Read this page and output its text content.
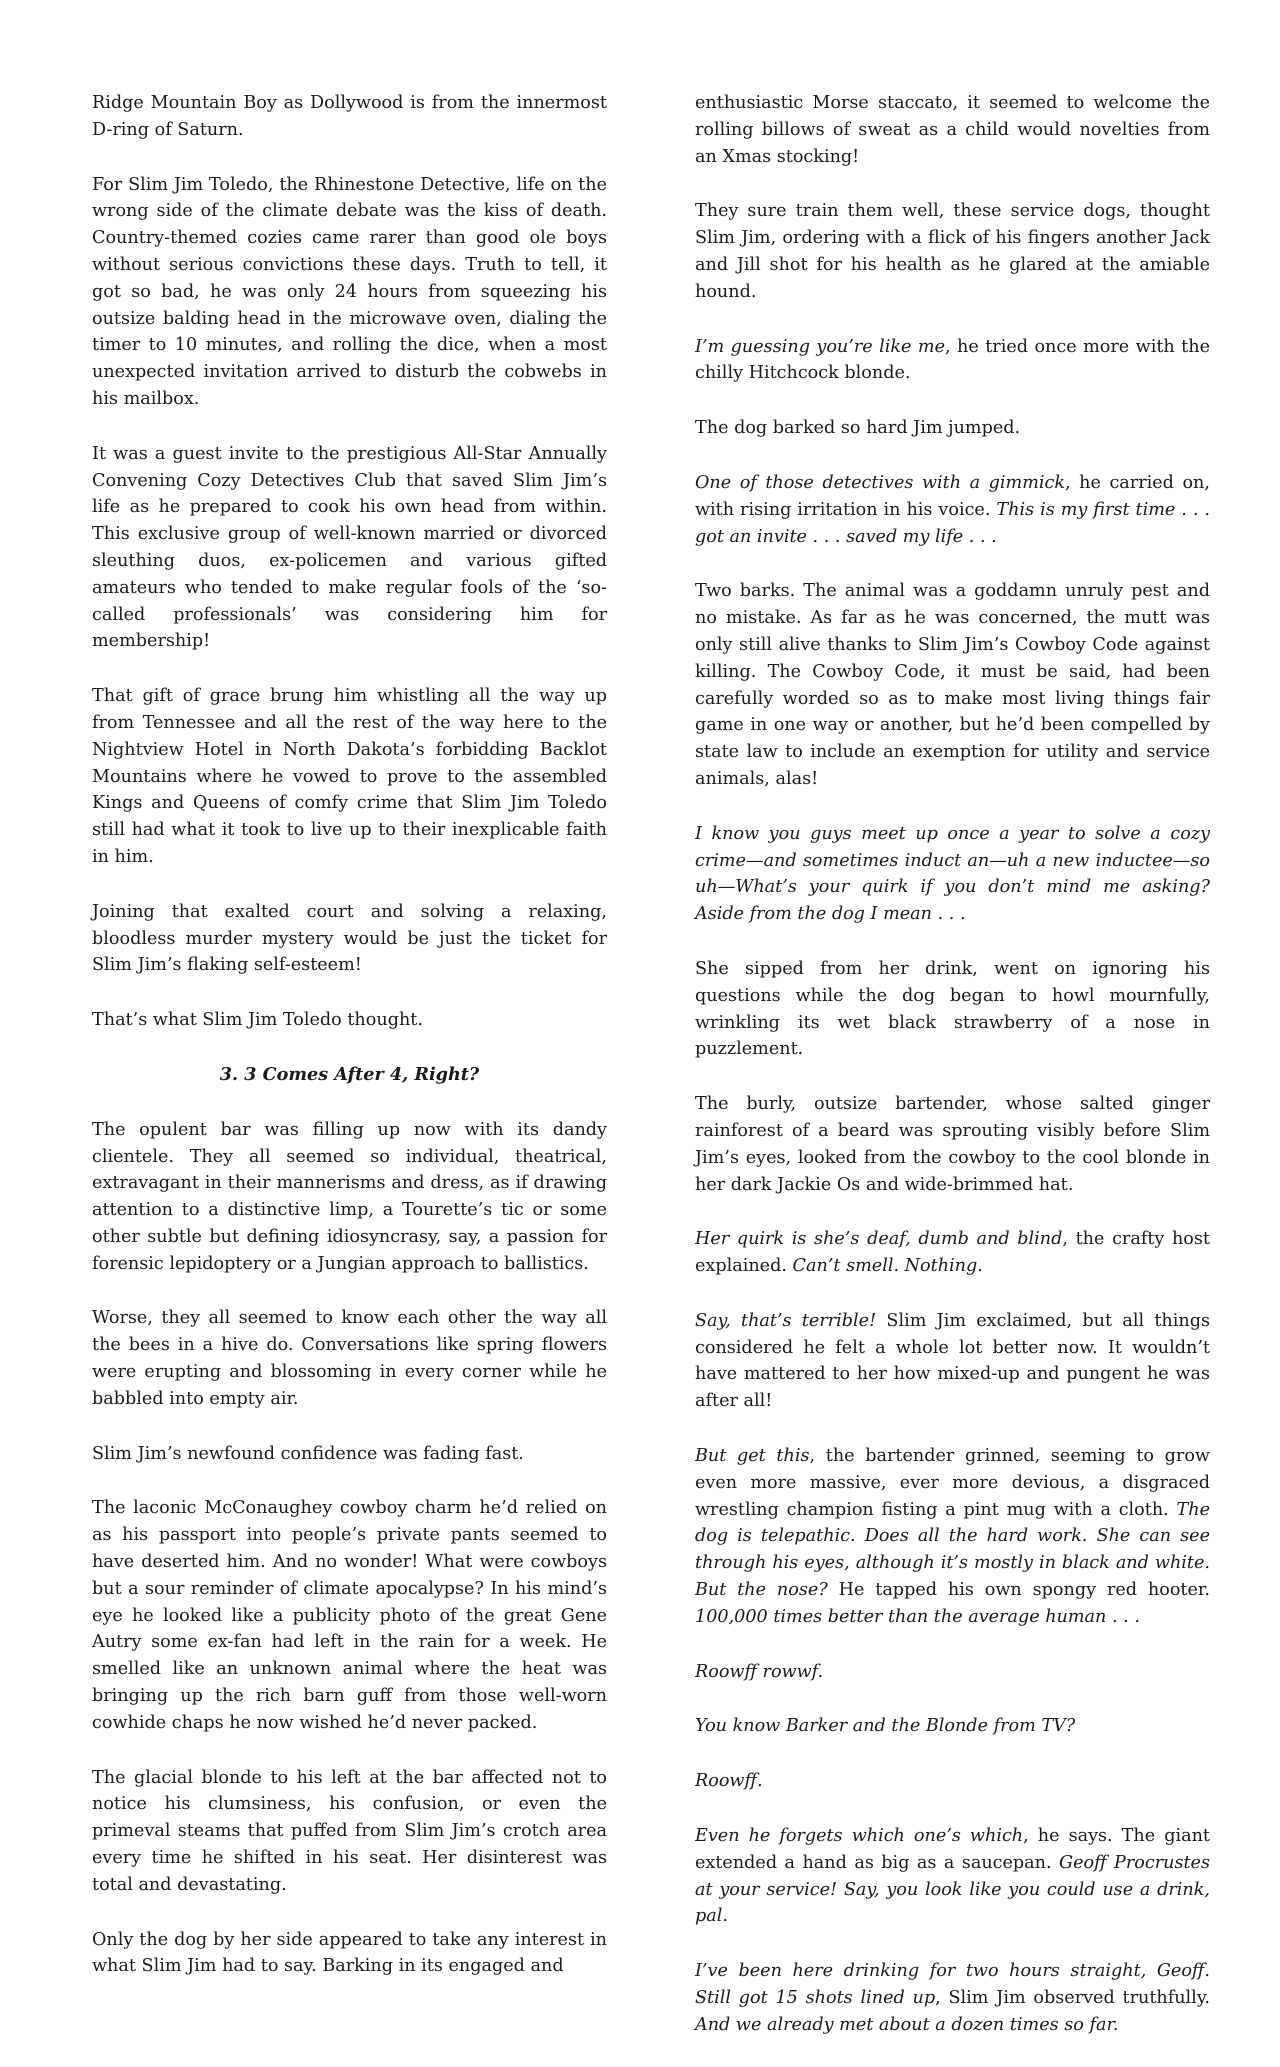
Ridge Mountain Boy as Dollywood is from the innermost D-ring of Saturn.

For Slim Jim Toledo, the Rhinestone Detective, life on the wrong side of the climate debate was the kiss of death. Country-themed cozies came rarer than good ole boys without serious convictions these days. Truth to tell, it got so bad, he was only 24 hours from squeezing his outsize balding head in the microwave oven, dialing the timer to 10 minutes, and rolling the dice, when a most unexpected invitation arrived to disturb the cobwebs in his mailbox.

It was a guest invite to the prestigious All-Star Annually Convening Cozy Detectives Club that saved Slim Jim’s life as he prepared to cook his own head from within. This exclusive group of well-known married or divorced sleuthing duos, ex-policemen and various gifted amateurs who tended to make regular fools of the ‘so-called professionals’ was considering him for membership!

That gift of grace brung him whistling all the way up from Tennessee and all the rest of the way here to the Nightview Hotel in North Dakota’s forbidding Backlot Mountains where he vowed to prove to the assembled Kings and Queens of comfy crime that Slim Jim Toledo still had what it took to live up to their inexplicable faith in him.

Joining that exalted court and solving a relaxing, bloodless murder mystery would be just the ticket for Slim Jim’s flaking self-esteem!

That’s what Slim Jim Toledo thought.

3. 3 Comes After 4, Right?

The opulent bar was filling up now with its dandy clientele. They all seemed so individual, theatrical, extravagant in their mannerisms and dress, as if drawing attention to a distinctive limp, a Tourette’s tic or some other subtle but defining idiosyncrasy, say, a passion for forensic lepidoptery or a Jungian approach to ballistics.

Worse, they all seemed to know each other the way all the bees in a hive do. Conversations like spring flowers were erupting and blossoming in every corner while he babbled into empty air.

Slim Jim’s newfound confidence was fading fast.

The laconic McConaughey cowboy charm he’d relied on as his passport into people’s private pants seemed to have deserted him. And no wonder! What were cowboys but a sour reminder of climate apocalypse? In his mind’s eye he looked like a publicity photo of the great Gene Autry some ex-fan had left in the rain for a week. He smelled like an unknown animal where the heat was bringing up the rich barn guff from those well-worn cowhide chaps he now wished he’d never packed.

The glacial blonde to his left at the bar affected not to notice his clumsiness, his confusion, or even the primeval steams that puffed from Slim Jim’s crotch area every time he shifted in his seat. Her disinterest was total and devastating.

Only the dog by her side appeared to take any interest in what Slim Jim had to say. Barking in its engaged and

enthusiastic Morse staccato, it seemed to welcome the rolling billows of sweat as a child would novelties from an Xmas stocking!

They sure train them well, these service dogs, thought Slim Jim, ordering with a flick of his fingers another Jack and Jill shot for his health as he glared at the amiable hound.

I’m guessing you’re like me, he tried once more with the chilly Hitchcock blonde.

The dog barked so hard Jim jumped.

One of those detectives with a gimmick, he carried on, with rising irritation in his voice. This is my first time . . . got an invite . . . saved my life . . .

Two barks. The animal was a goddamn unruly pest and no mistake. As far as he was concerned, the mutt was only still alive thanks to Slim Jim’s Cowboy Code against killing. The Cowboy Code, it must be said, had been carefully worded so as to make most living things fair game in one way or another, but he’d been compelled by state law to include an exemption for utility and service animals, alas!

I know you guys meet up once a year to solve a cozy crime—and sometimes induct an—uh a new inductee—so uh—What’s your quirk if you don’t mind me asking? Aside from the dog I mean . . .

She sipped from her drink, went on ignoring his questions while the dog began to howl mournfully, wrinkling its wet black strawberry of a nose in puzzlement.

The burly, outsize bartender, whose salted ginger rainforest of a beard was sprouting visibly before Slim Jim’s eyes, looked from the cowboy to the cool blonde in her dark Jackie Os and wide-brimmed hat.

Her quirk is she’s deaf, dumb and blind, the crafty host explained. Can’t smell. Nothing.

Say, that’s terrible! Slim Jim exclaimed, but all things considered he felt a whole lot better now. It wouldn’t have mattered to her how mixed-up and pungent he was after all!

But get this, the bartender grinned, seeming to grow even more massive, ever more devious, a disgraced wrestling champion fisting a pint mug with a cloth. The dog is telepathic. Does all the hard work. She can see through his eyes, although it’s mostly in black and white. But the nose? He tapped his own spongy red hooter. 100,000 times better than the average human . . .

Roowff rowwf.

You know Barker and the Blonde from TV?

Roowff.

Even he forgets which one’s which, he says. The giant extended a hand as big as a saucepan. Geoff Procrustes at your service! Say, you look like you could use a drink, pal.

I’ve been here drinking for two hours straight, Geoff. Still got 15 shots lined up, Slim Jim observed truthfully. And we already met about a dozen times so far.
